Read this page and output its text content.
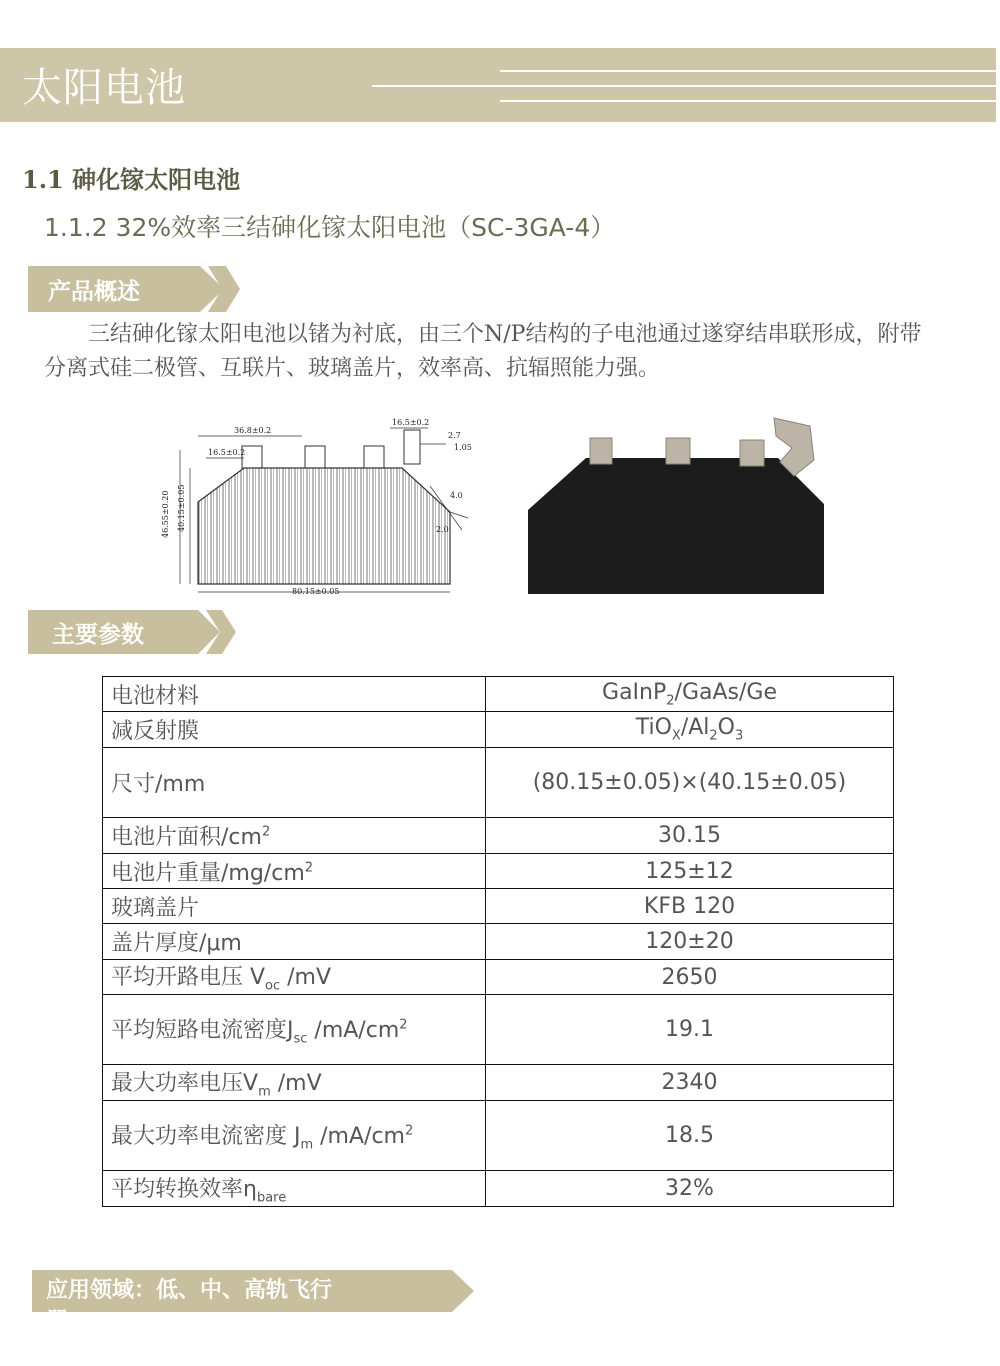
太阳电池
1.1 砷化镓太阳电池
1.1.2 32%效率三结砷化镓太阳电池（SC-3GA-4）
产品概述
　　三结砷化镓太阳电池以锗为衬底，由三个N/P结构的子电池通过遂穿结串联形成，附带分离式硅二极管、互联片、玻璃盖片，效率高、抗辐照能力强。
36.8±0.2
16.5±0.2
16.5±0.2
2.7
1.05
4.0
2.0
80.15±0.05
46.55±0.20 40.15±0.05
主要参数
电池材料	GaInP$_2$/GaAs/Ge
减反射膜	$TiO_X/Al_2O_3$
尺寸/mm	(80.15±0.05)×(40.15±0.05)
电池片面积$/cm^2$	30.15
电池片重量$/mg/cm^2$	125±12
玻璃盖片	KFB 120
盖片厚度/μm	120±20
平均开路电压 $V_{oc}$ /mV	2650
平均短路电流密度$J_{sc}$ $/mA/cm^2$	19.1
最大功率电压$V_m$ /mV	2340
最大功率电流密度 $J_m$ $/mA/cm^2$	18.5
平均转换效率$\eta_{bare}$	32%
应用领域：低、中、高轨飞行
器
